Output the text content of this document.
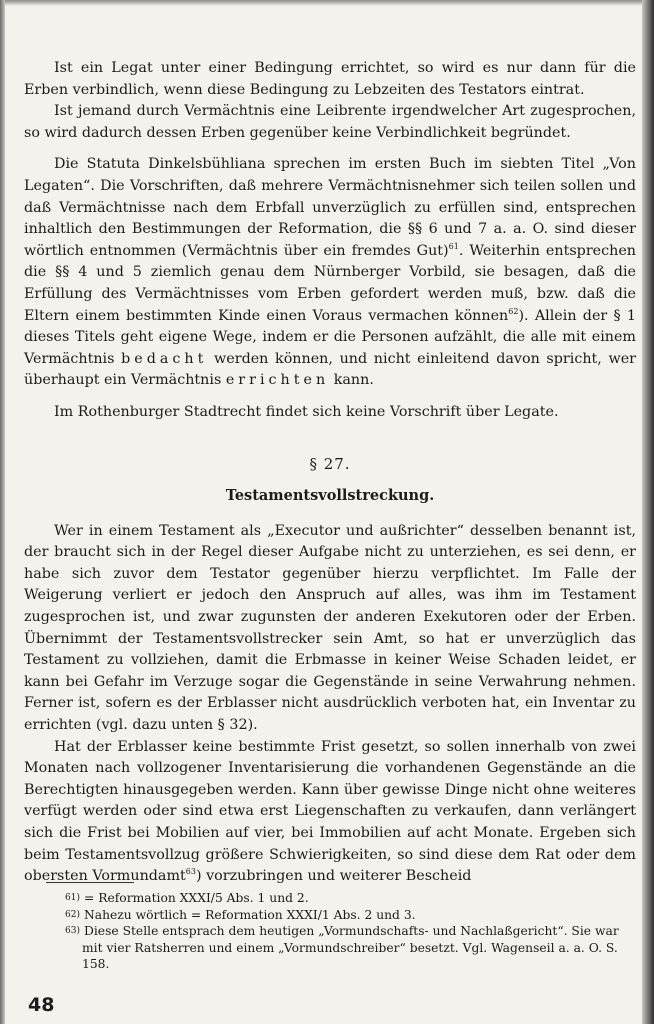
Ist ein Legat unter einer Bedingung errichtet, so wird es nur dann für die Erben verbindlich, wenn diese Bedingung zu Lebzeiten des Testators eintrat.

Ist jemand durch Vermächtnis eine Leibrente irgendwelcher Art zugesprochen, so wird dadurch dessen Erben gegenüber keine Verbindlichkeit begründet.

Die Statuta Dinkelsbühliana sprechen im ersten Buch im siebten Titel „Von Legaten“. Die Vorschriften, daß mehrere Vermächtnisnehmer sich teilen sollen und daß Vermächtnisse nach dem Erbfall unverzüglich zu erfüllen sind, entsprechen inhaltlich den Bestimmungen der Reformation, die §§ 6 und 7 a. a. O. sind dieser wörtlich entnommen (Vermächtnis über ein fremdes Gut)$^{61}$. Weiterhin entsprechen die §§ 4 und 5 ziemlich genau dem Nürnberger Vorbild, sie besagen, daß die Erfüllung des Vermächtnisses vom Erben gefordert werden muß, bzw. daß die Eltern einem bestimmten Kinde einen Voraus vermachen können$^{62}$). Allein der § 1 dieses Titels geht eigene Wege, indem er die Personen aufzählt, die alle mit einem Vermächtnis bedacht werden können, und nicht einleitend davon spricht, wer überhaupt ein Vermächtnis errichten kann.

Im Rothenburger Stadtrecht findet sich keine Vorschrift über Legate.

§ 27.

Testamentsvollstreckung.

Wer in einem Testament als „Executor und außrichter“ desselben benannt ist, der braucht sich in der Regel dieser Aufgabe nicht zu unterziehen, es sei denn, er habe sich zuvor dem Testator gegenüber hierzu verpflichtet. Im Falle der Weigerung verliert er jedoch den Anspruch auf alles, was ihm im Testament zugesprochen ist, und zwar zugunsten der anderen Exekutoren oder der Erben. Übernimmt der Testamentsvollstrecker sein Amt, so hat er unverzüglich das Testament zu vollziehen, damit die Erbmasse in keiner Weise Schaden leidet, er kann bei Gefahr im Verzuge sogar die Gegenstände in seine Verwahrung nehmen. Ferner ist, sofern es der Erblasser nicht ausdrücklich verboten hat, ein Inventar zu errichten (vgl. dazu unten § 32).

Hat der Erblasser keine bestimmte Frist gesetzt, so sollen innerhalb von zwei Monaten nach vollzogener Inventarisierung die vorhandenen Gegenstände an die Berechtigten hinausgegeben werden. Kann über gewisse Dinge nicht ohne weiteres verfügt werden oder sind etwa erst Liegenschaften zu verkaufen, dann verlängert sich die Frist bei Mobilien auf vier, bei Immobilien auf acht Monate. Ergeben sich beim Testamentsvollzug größere Schwierigkeiten, so sind diese dem Rat oder dem obersten Vormundamt$^{63}$) vorzubringen und weiterer Bescheid

61) = Reformation XXXI/5 Abs. 1 und 2.

62) Nahezu wörtlich = Reformation XXXI/1 Abs. 2 und 3.

63) Diese Stelle entsprach dem heutigen „Vormundschafts- und Nachlaßgericht“. Sie war mit vier Ratsherren und einem „Vormundschreiber“ besetzt. Vgl. Wagenseil a. a. O. S. 158.

48
